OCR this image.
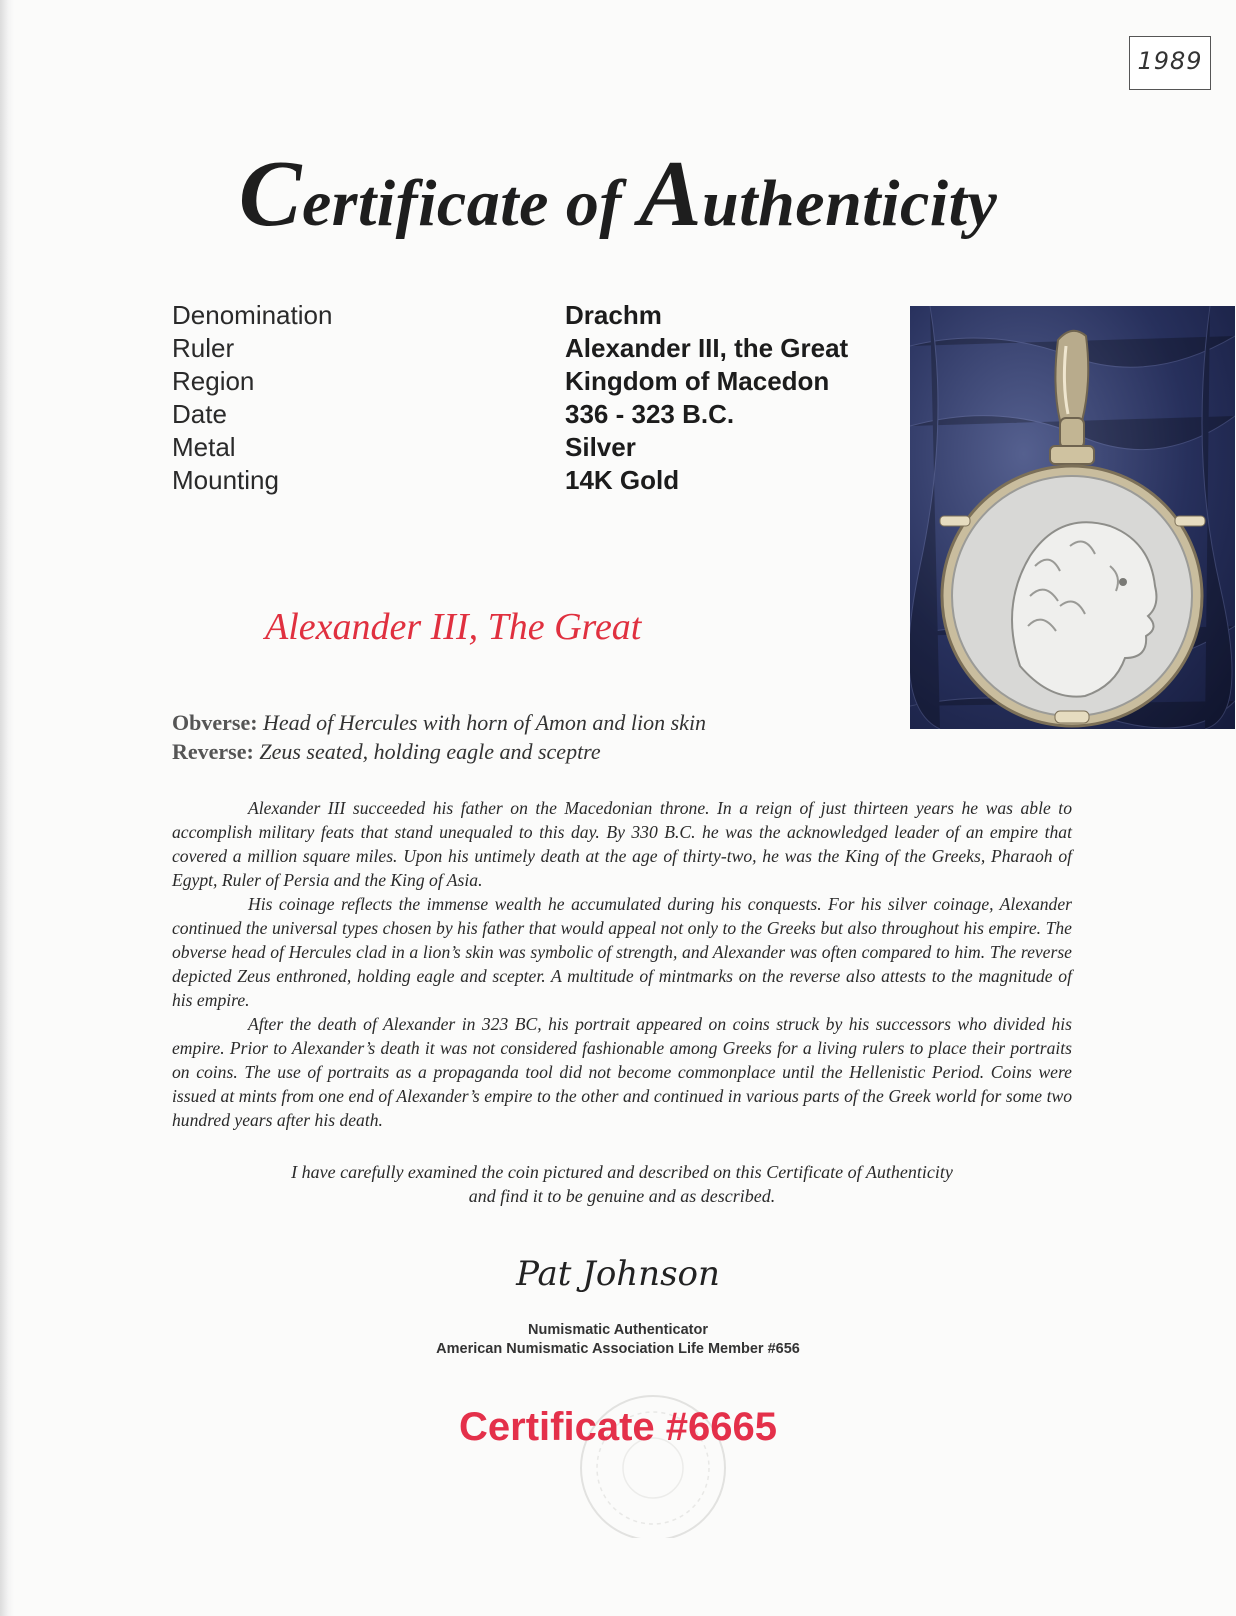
1989
Certificate of Authenticity
Denomination	Drachm
Ruler	Alexander III, the Great
Region	Kingdom of Macedon
Date	336 - 323 B.C.
Metal	Silver
Mounting	14K Gold
Alexander III, The Great
Obverse: Head of Hercules with horn of Amon and lion skin
Reverse: Zeus seated, holding eagle and sceptre

Alexander III succeeded his father on the Macedonian throne. In a reign of just thirteen years he was able to accomplish military feats that stand unequaled to this day. By 330 B.C. he was the acknowledged leader of an empire that covered a million square miles. Upon his untimely death at the age of thirty-two, he was the King of the Greeks, Pharaoh of Egypt, Ruler of Persia and the King of Asia.

His coinage reflects the immense wealth he accumulated during his conquests. For his silver coinage, Alexander continued the universal types chosen by his father that would appeal not only to the Greeks but also throughout his empire. The obverse head of Hercules clad in a lion’s skin was symbolic of strength, and Alexander was often compared to him. The reverse depicted Zeus enthroned, holding eagle and scepter. A multitude of mintmarks on the reverse also attests to the magnitude of his empire.

After the death of Alexander in 323 BC, his portrait appeared on coins struck by his successors who divided his empire. Prior to Alexander’s death it was not considered fashionable among Greeks for a living rulers to place their portraits on coins. The use of portraits as a propaganda tool did not become commonplace until the Hellenistic Period. Coins were issued at mints from one end of Alexander’s empire to the other and continued in various parts of the Greek world for some two hundred years after his death.

I have carefully examined the coin pictured and described on this Certificate of Authenticity
and find it to be genuine and as described.
Pat Johnson
Numismatic Authenticator
American Numismatic Association Life Member #656
Certificate #6665
